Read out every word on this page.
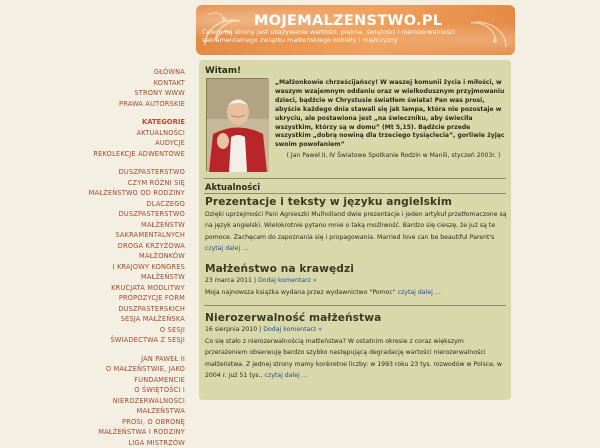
GŁÓWNA
KONTAKT
STRONY WWW
PRAWA AUTORSKIE
KATEGORIE
AKTUALNOŚCI
AUDYCJE
REKOLEKCJE ADWENTOWE
DUSZPASTERSTWO
CZYM RÓŻNI SIĘ
MAŁŻEŃSTWO OD RODZINY
DLACZEGO
DUSZPASTERSTWO
MAŁŻEŃSTW
SAKRAMENTALNYCH
DROGA KRZYŻOWA
MAŁŻONKÓW
I KRAJOWY KONGRES
MAŁŻEŃSTW
KRUCJATA MODLITWY
PROPOZYCJE FORM
DUSZPASTERSKICH
SESJA MAŁŻEŃSKA
O SESJI
ŚWIADECTWA Z SESJI
JAN PAWEŁ II
O MAŁŻEŃSTWIE, JAKO
FUNDAMENCIE
O ŚWIĘTOŚCI I
NIEROZERWALNOŚCI
MAŁŻEŃSTWA
PROSI, O OBRONĘ
MAŁŻEŃSTWA I RODZINY
LIGA MISTRZÓW
MOJEMALZENSTWO.PL
Celem tej strony jest ukazywanie wartości, piękna, świętości i nierozerwalności sakramentalnego związku małżeńskiego kobiety i mężczyzny
Witam!
„Małżonkowie chrześcijańscy! W waszej komunii życia i miłości, w waszym wzajemnym oddaniu oraz w wielkodusznym przyjmowaniu dzieci, bądźcie w Chrystusie światłem świata! Pan was prosi, abyście każdego dnia stawali się jak lampa, która nie pozostaje w ukryciu, ale postawiona jest „na świeczniku, aby świeciła wszystkim, którzy są w domu” (Mt 5,15). Bądźcie przede wszystkim „dobrą nowiną dla trzeciego tysiąclecia”, gorliwie żyjąc swoim powołaniem”
( Jan Paweł II, IV Światowe Spotkanie Rodzin w Manili, styczeń 2003r. )
Aktualności
Prezentacje i teksty w języku angielskim
Dzięki uprzejmości Pani Agnieszki Mulholland dwie prezentacje i jeden artykuł przetłomaczone są na język angielski. Wielokrotnie pytano mnie o taką możliwość. Bardzo się cieszę, że już są te pomoce. Zachęcam do zapoznania się i propagowania. Married love can be beautiful Parent's czytaj dalej …
Małżeństwo na krawędzi
23 marca 2011 | Dodaj komentarz »
Moja najnowsza książka wydana przez wydawnictwo "Pomoc" czytaj dalej …
Nierozerwalność małżeństwa
16 sierpnia 2010 | Dodaj komentarz »
Co się stało z nierozerwalnością małżeństwa? W ostatnim okresie z coraz większym przerażeniem obserwuję bardzo szybko następującą degradację wartości nierozerwalności małżeństwa. Z jednej strony mamy konkretne liczby: w 1993 roku 23 tys. rozwodów w Polsce, w 2004 r. już 51 tys., czytaj dalej …
